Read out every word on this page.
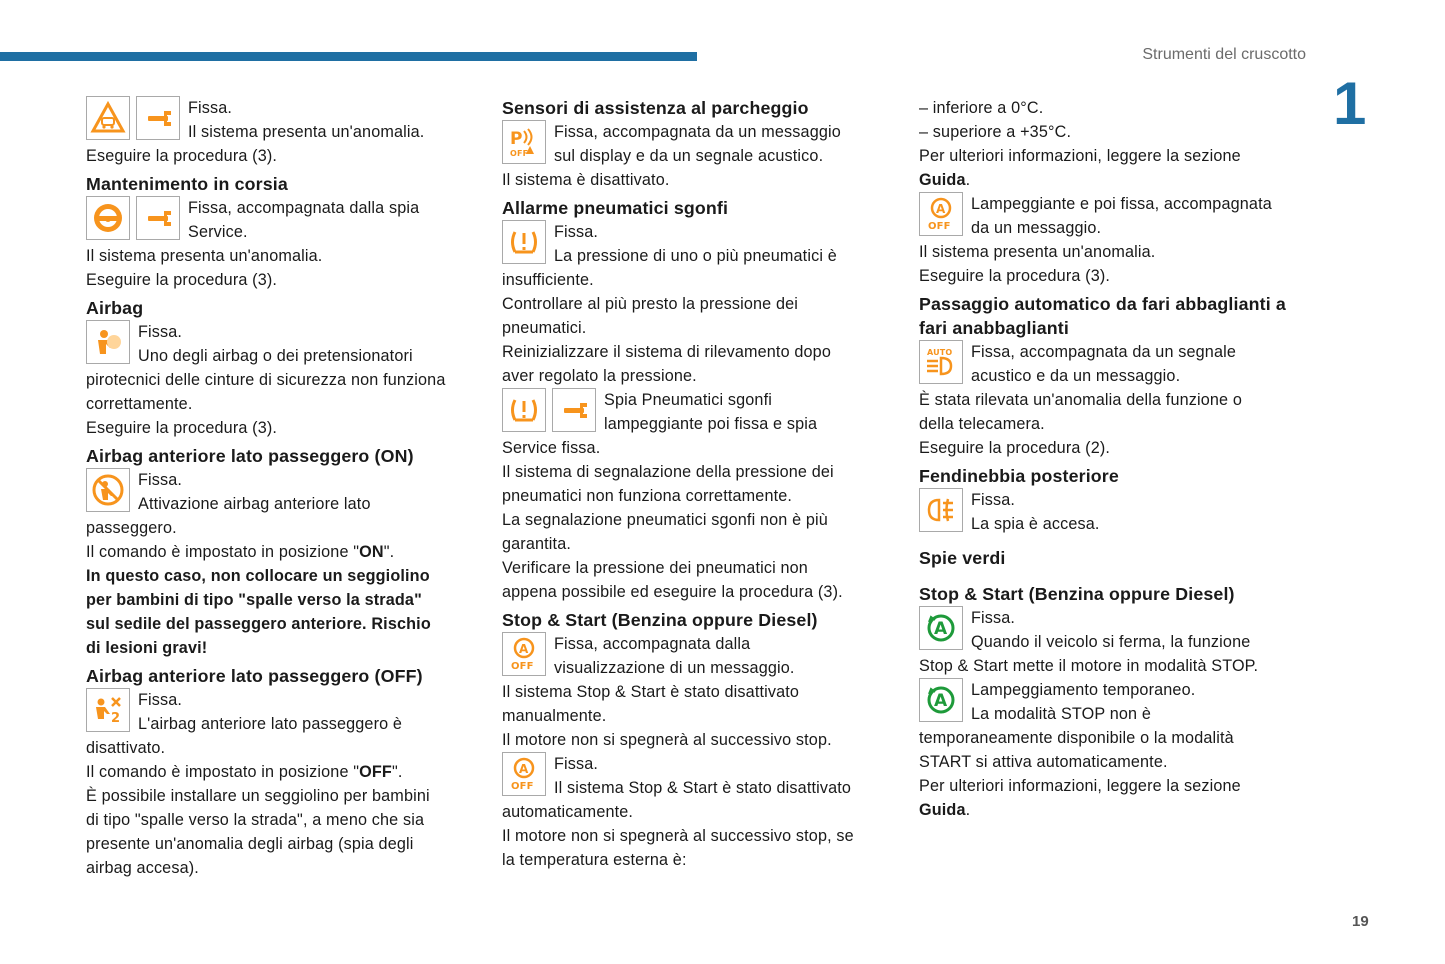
Strumenti del cruscotto
1
19

Fissa.

Il sistema presenta un'anomalia.

Eseguire la procedura (3).

Mantenimento in corsia

Fissa, accompagnata dalla spia

Service.

Il sistema presenta un'anomalia.

Eseguire la procedura (3).

Airbag

Fissa.

Uno degli airbag o dei pretensionatori

pirotecnici delle cinture di sicurezza non funziona

correttamente.

Eseguire la procedura (3).

Airbag anteriore lato passeggero (ON)

Fissa.

Attivazione airbag anteriore lato

passeggero.

Il comando è impostato in posizione "ON".

In questo caso, non collocare un seggiolino

per bambini di tipo "spalle verso la strada"

sul sedile del passeggero anteriore. Rischio

di lesioni gravi!

Airbag anteriore lato passeggero (OFF)
2

Fissa.

L'airbag anteriore lato passeggero è

disattivato.

Il comando è impostato in posizione "OFF".

È possibile installare un seggiolino per bambini

di tipo "spalle verso la strada", a meno che sia

presente un'anomalia degli airbag (spia degli

airbag accesa).

Sensori di assistenza al parcheggio
P
OFF

Fissa, accompagnata da un messaggio

sul display e da un segnale acustico.

Il sistema è disattivato.

Allarme pneumatici sgonfi

Fissa.

La pressione di uno o più pneumatici è

insufficiente.

Controllare al più presto la pressione dei

pneumatici.

Reinizializzare il sistema di rilevamento dopo

aver regolato la pressione.

Spia Pneumatici sgonfi

lampeggiante poi fissa e spia

Service fissa.

Il sistema di segnalazione della pressione dei

pneumatici non funziona correttamente.

La segnalazione pneumatici sgonfi non è più

garantita.

Verificare la pressione dei pneumatici non

appena possibile ed eseguire la procedura (3).

Stop & Start (Benzina oppure Diesel)
A
OFF

Fissa, accompagnata dalla

visualizzazione di un messaggio.

Il sistema Stop & Start è stato disattivato

manualmente.

Il motore non si spegnerà al successivo stop.

A
OFF

Fissa.

Il sistema Stop & Start è stato disattivato

automaticamente.

Il motore non si spegnerà al successivo stop, se

la temperatura esterna è:

– inferiore a 0°C.

– superiore a +35°C.

Per ulteriori informazioni, leggere la sezione

Guida.

A
OFF

Lampeggiante e poi fissa, accompagnata

da un messaggio.

Il sistema presenta un'anomalia.

Eseguire la procedura (3).

Passaggio automatico da fari abbaglianti a fari anabbaglianti
AUTO	Fissa, accompagnata da un segnale

acustico e da un messaggio.

È stata rilevata un'anomalia della funzione o

della telecamera.

Eseguire la procedura (2).

Fendinebbia posteriore

Fissa.

La spia è accesa.

Spie verdi
Stop & Start (Benzina oppure Diesel)
A

Fissa.

Quando il veicolo si ferma, la funzione

Stop & Start mette il motore in modalità STOP.

A

Lampeggiamento temporaneo.

La modalità STOP non è

temporaneamente disponibile o la modalità

START si attiva automaticamente.

Per ulteriori informazioni, leggere la sezione

Guida.
